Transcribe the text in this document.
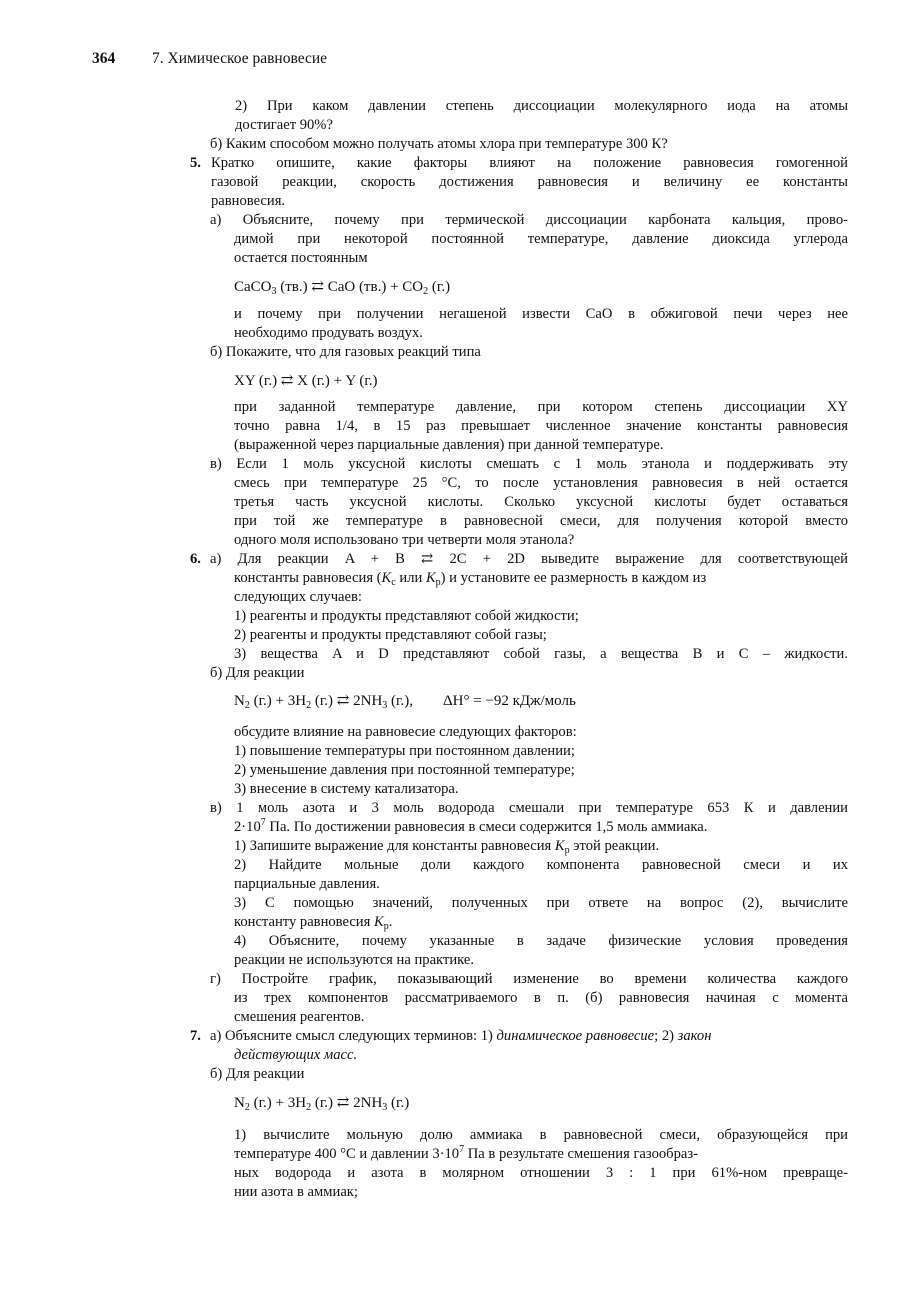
364 7. Химическое равновесие
2) При каком давлении степень диссоциации молекулярного иода на атомы
достигает 90%?
б) Каким способом можно получать атомы хлора при температуре 300 К?
5. Кратко опишите, какие факторы влияют на положение равновесия гомогенной
газовой реакции, скорость достижения равновесия и величину ее константы
равновесия.
а) Объясните, почему при термической диссоциации карбоната кальция, прово-
димой при некоторой постоянной температуре, давление диоксида углерода
остается постоянным
CaCO$_3$ (тв.) ⇄ CaO $(тв.) + CO_2$ (г.)
и почему при получении негашеной извести CaO в обжиговой печи через нее
необходимо продувать воздух.
б) Покажите, что для газовых реакций типа
XY (г.) ⇄ X (г.) + Y (г.)
при заданной температуре давление, при котором степень диссоциации XY
точно равна 1/4, в 15 раз превышает численное значение константы равновесия
(выраженной через парциальные давления) при данной температуре.
в) Если 1 моль уксусной кислоты смешать с 1 моль этанола и поддерживать эту
смесь при температуре 25 °С, то после установления равновесия в ней остается
третья часть уксусной кислоты. Сколько уксусной кислоты будет оставаться
при той же температуре в равновесной смеси, для получения которой вместо
одного моля использовано три четверти моля этанола?
6. а) Для реакции A + B ⇄ 2C + 2D выведите выражение для соответствующей
константы равновесия ($K_c$ или $K_p$) и установите ее размерность в каждом из
следующих случаев:
1) реагенты и продукты представляют собой жидкости;
2) реагенты и продукты представляют собой газы;
3) вещества A и D представляют собой газы, а вещества B и C – жидкости.
б) Для реакции
$N_2$ $(г.) + 3H_2$ (г.) ⇄ $2NH_3$ (г.), ΔH° = −92 кДж/моль
обсудите влияние на равновесие следующих факторов:
1) повышение температуры при постоянном давлении;
2) уменьшение давления при постоянной температуре;
3) внесение в систему катализатора.
в) 1 моль азота и 3 моль водорода смешали при температуре 653 К и давлении
$2\cdot 10^7$ Па. По достижении равновесия в смеси содержится 1,5 моль аммиака.
1) Запишите выражение для константы равновесия $K_p$ этой реакции.
2) Найдите мольные доли каждого компонента равновесной смеси и их
парциальные давления.
3) С помощью значений, полученных при ответе на вопрос (2), вычислите
константу равновесия $K_p$.
4) Объясните, почему указанные в задаче физические условия проведения
реакции не используются на практике.
г) Постройте график, показывающий изменение во времени количества каждого
из трех компонентов рассматриваемого в п. (б) равновесия начиная с момента
смешения реагентов.
7. а) Объясните смысл следующих терминов: 1) динамическое равновесие; 2) закон
действующих масс.
б) Для реакции
$N_2$ $(г.) + 3H_2$ (г.) ⇄ $2NH_3$ (г.)
1) вычислите мольную долю аммиака в равновесной смеси, образующейся при
температуре 400 °С и давлении $3\cdot 10^7$ Па в результате смешения газообраз-
ных водорода и азота в молярном отношении 3 : 1 при 61%-ном превраще-
нии азота в аммиак;
